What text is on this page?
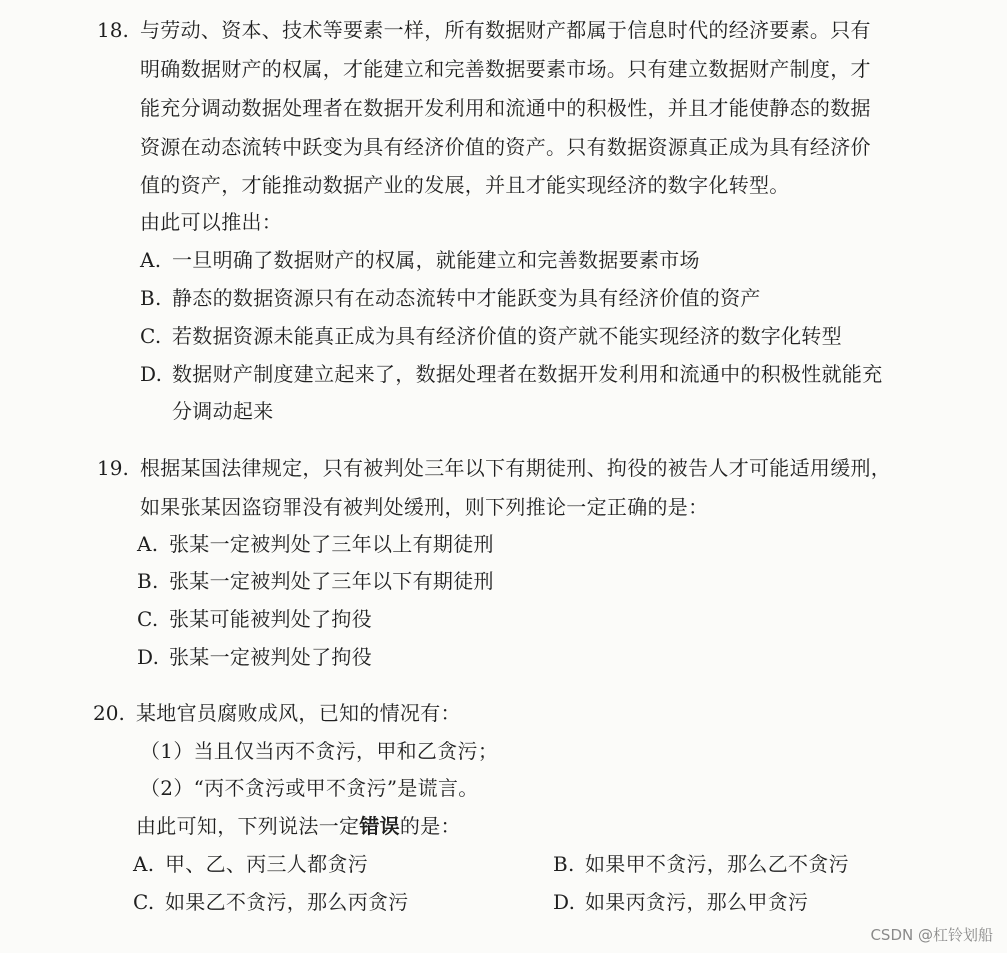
18. 与劳动、资本、技术等要素一样，所有数据财产都属于信息时代的经济要素。只有
明确数据财产的权属，才能建立和完善数据要素市场。只有建立数据财产制度，才
能充分调动数据处理者在数据开发利用和流通中的积极性，并且才能使静态的数据
资源在动态流转中跃变为具有经济价值的资产。只有数据资源真正成为具有经济价
值的资产，才能推动数据产业的发展，并且才能实现经济的数字化转型。
由此可以推出：
A. 一旦明确了数据财产的权属，就能建立和完善数据要素市场
B. 静态的数据资源只有在动态流转中才能跃变为具有经济价值的资产
C. 若数据资源未能真正成为具有经济价值的资产就不能实现经济的数字化转型
D. 数据财产制度建立起来了，数据处理者在数据开发利用和流通中的积极性就能充
分调动起来
19. 根据某国法律规定，只有被判处三年以下有期徒刑、拘役的被告人才可能适用缓刑，
如果张某因盗窃罪没有被判处缓刑，则下列推论一定正确的是：
A. 张某一定被判处了三年以上有期徒刑
B. 张某一定被判处了三年以下有期徒刑
C. 张某可能被判处了拘役
D. 张某一定被判处了拘役
20. 某地官员腐败成风，已知的情况有：
（1）当且仅当丙不贪污，甲和乙贪污；
（2）“丙不贪污或甲不贪污”是谎言。
由此可知，下列说法一定错误的是：
A. 甲、乙、丙三人都贪污	B. 如果甲不贪污，那么乙不贪污
C. 如果乙不贪污，那么丙贪污	D. 如果丙贪污，那么甲贪污
CSDN @杠铃划船
